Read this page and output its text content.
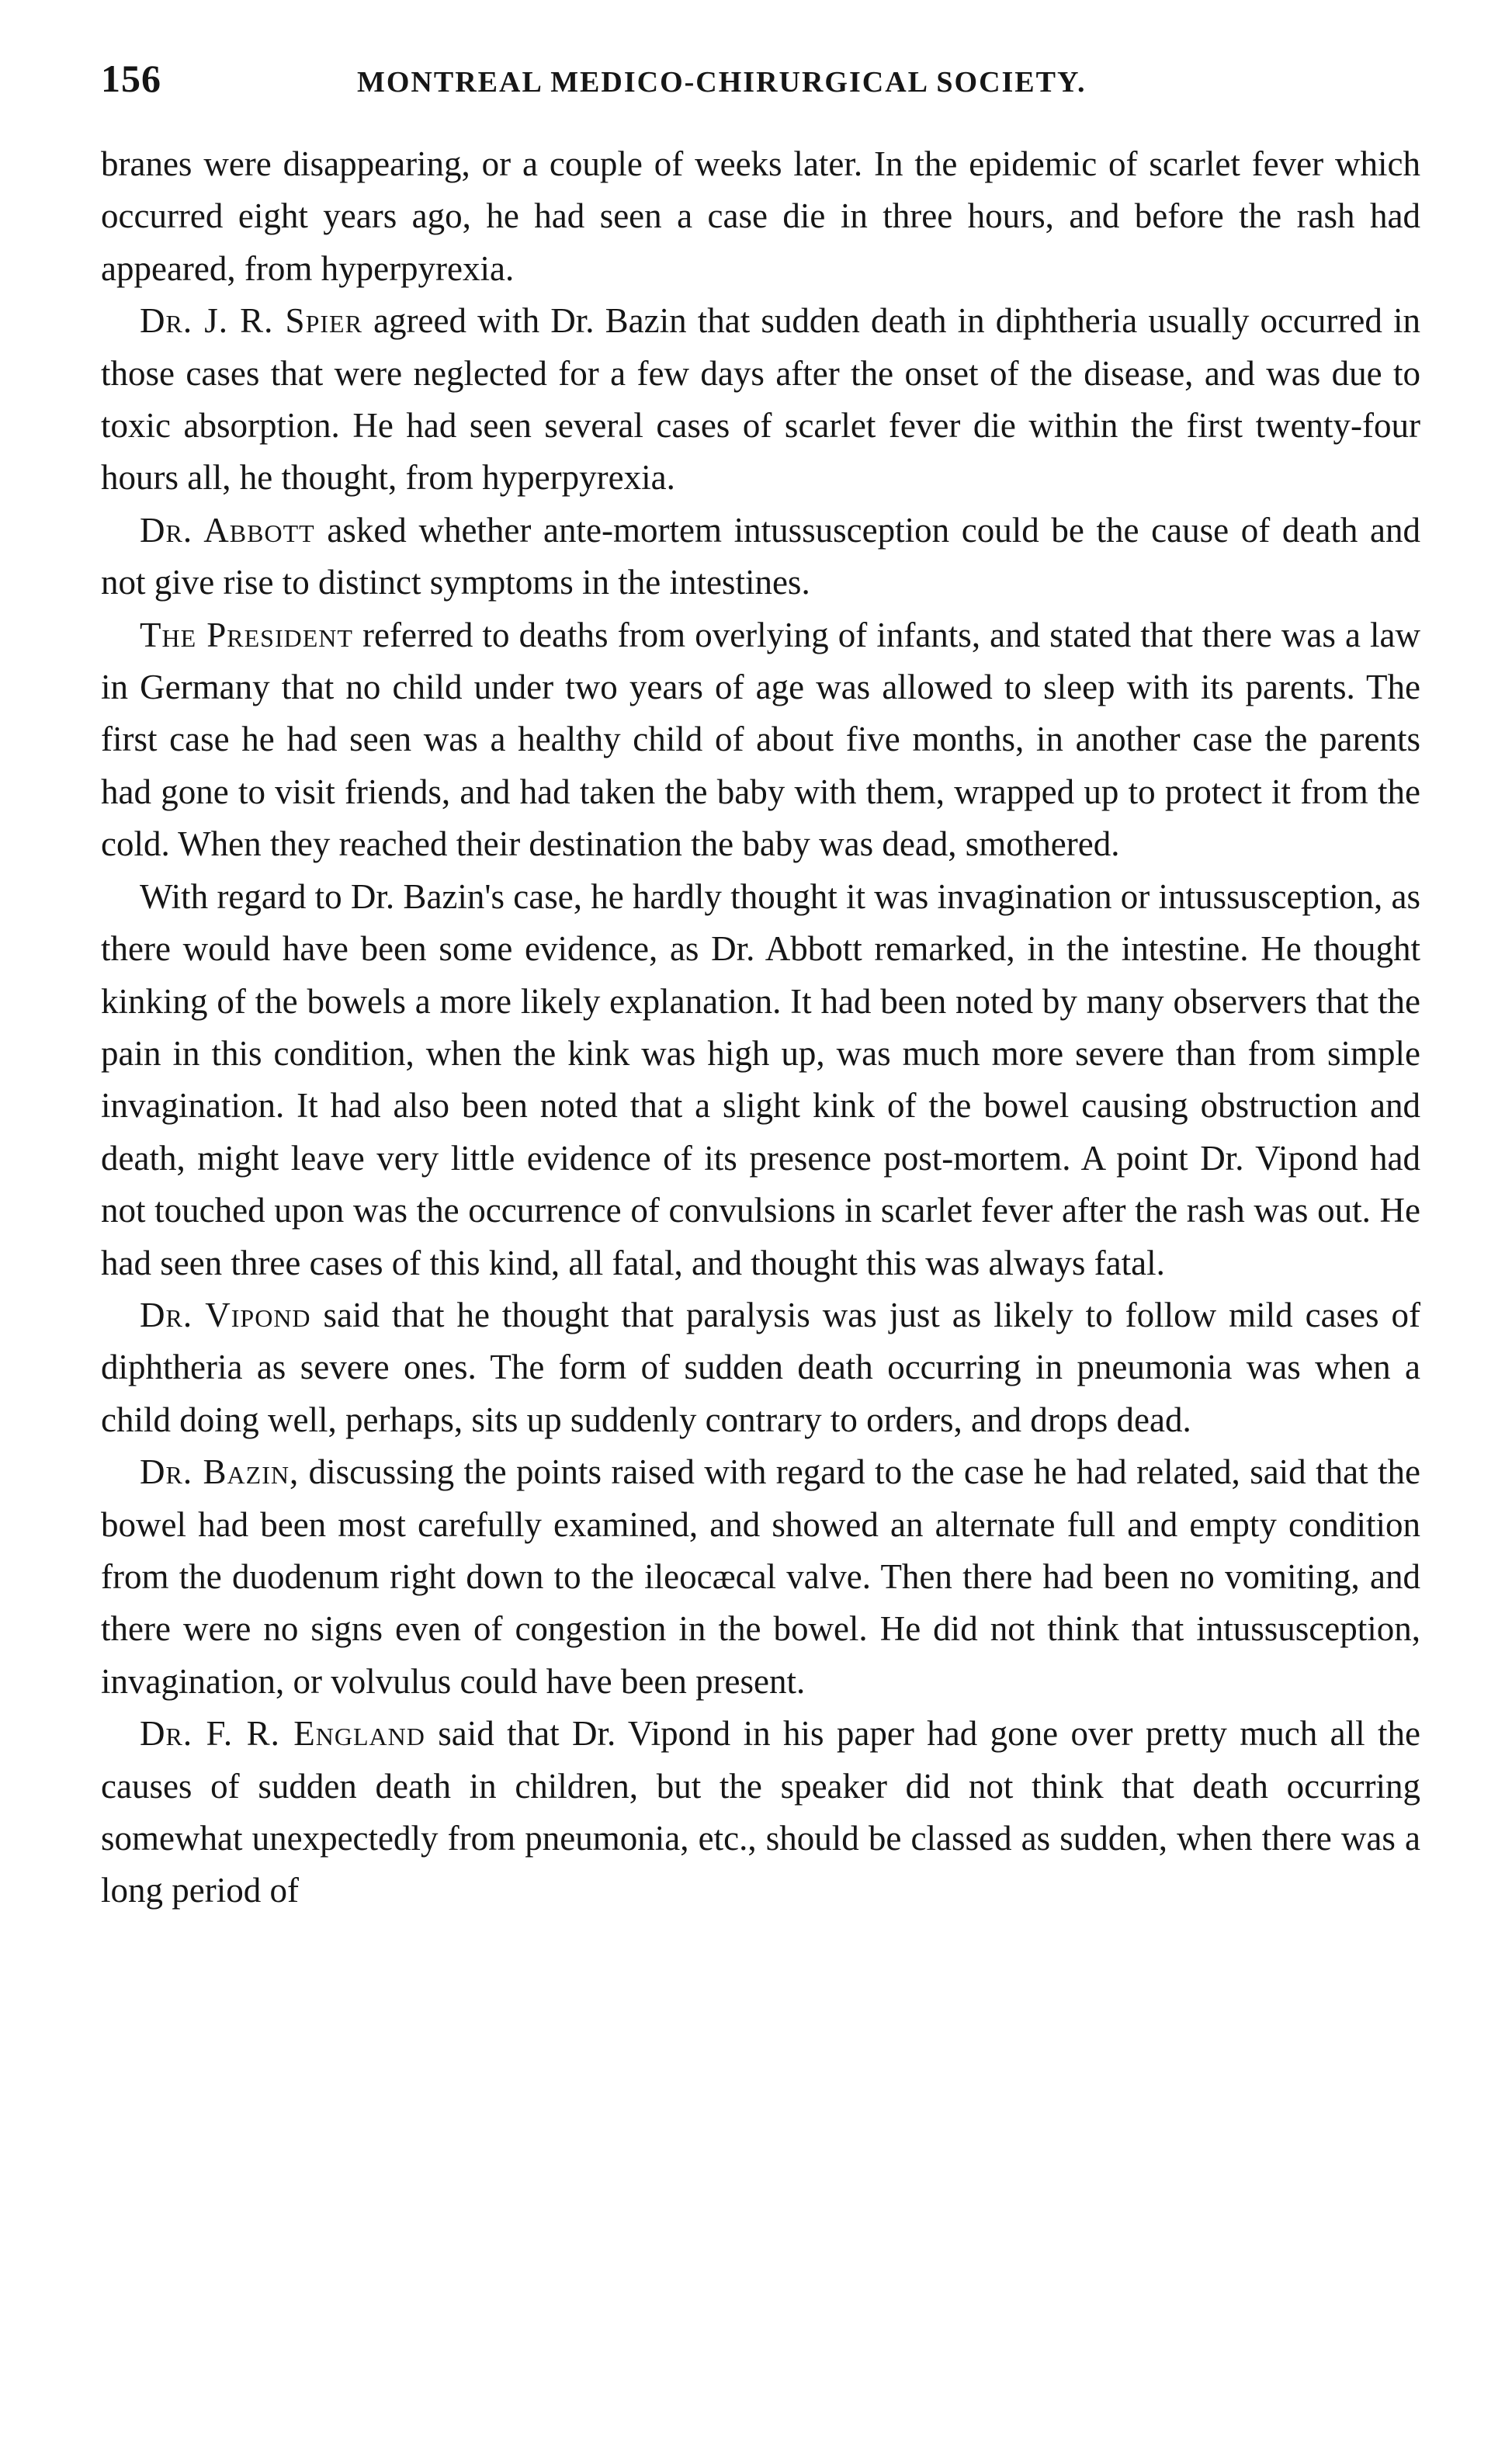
156	MONTREAL MEDICO-CHIRURGICAL SOCIETY.

branes were disappearing, or a couple of weeks later. In the epidemic of scarlet fever which occurred eight years ago, he had seen a case die in three hours, and before the rash had appeared, from hyperpyrexia.

Dr. J. R. Spier agreed with Dr. Bazin that sudden death in diphtheria usually occurred in those cases that were neglected for a few days after the onset of the disease, and was due to toxic absorption. He had seen several cases of scarlet fever die within the first twenty-four hours all, he thought, from hyperpyrexia.

Dr. Abbott asked whether ante-mortem intussusception could be the cause of death and not give rise to distinct symptoms in the intestines.

The President referred to deaths from overlying of infants, and stated that there was a law in Germany that no child under two years of age was allowed to sleep with its parents. The first case he had seen was a healthy child of about five months, in another case the parents had gone to visit friends, and had taken the baby with them, wrapped up to protect it from the cold. When they reached their destination the baby was dead, smothered.

With regard to Dr. Bazin's case, he hardly thought it was invagination or intussusception, as there would have been some evidence, as Dr. Abbott remarked, in the intestine. He thought kinking of the bowels a more likely explanation. It had been noted by many observers that the pain in this condition, when the kink was high up, was much more severe than from simple invagination. It had also been noted that a slight kink of the bowel causing obstruction and death, might leave very little evidence of its presence post-mortem. A point Dr. Vipond had not touched upon was the occurrence of convulsions in scarlet fever after the rash was out. He had seen three cases of this kind, all fatal, and thought this was always fatal.

Dr. Vipond said that he thought that paralysis was just as likely to follow mild cases of diphtheria as severe ones. The form of sudden death occurring in pneumonia was when a child doing well, perhaps, sits up suddenly contrary to orders, and drops dead.

Dr. Bazin, discussing the points raised with regard to the case he had related, said that the bowel had been most carefully examined, and showed an alternate full and empty condition from the duodenum right down to the ileocæcal valve. Then there had been no vomiting, and there were no signs even of congestion in the bowel. He did not think that intussusception, invagination, or volvulus could have been present.

Dr. F. R. England said that Dr. Vipond in his paper had gone over pretty much all the causes of sudden death in children, but the speaker did not think that death occurring somewhat unexpectedly from pneumonia, etc., should be classed as sudden, when there was a long period of
